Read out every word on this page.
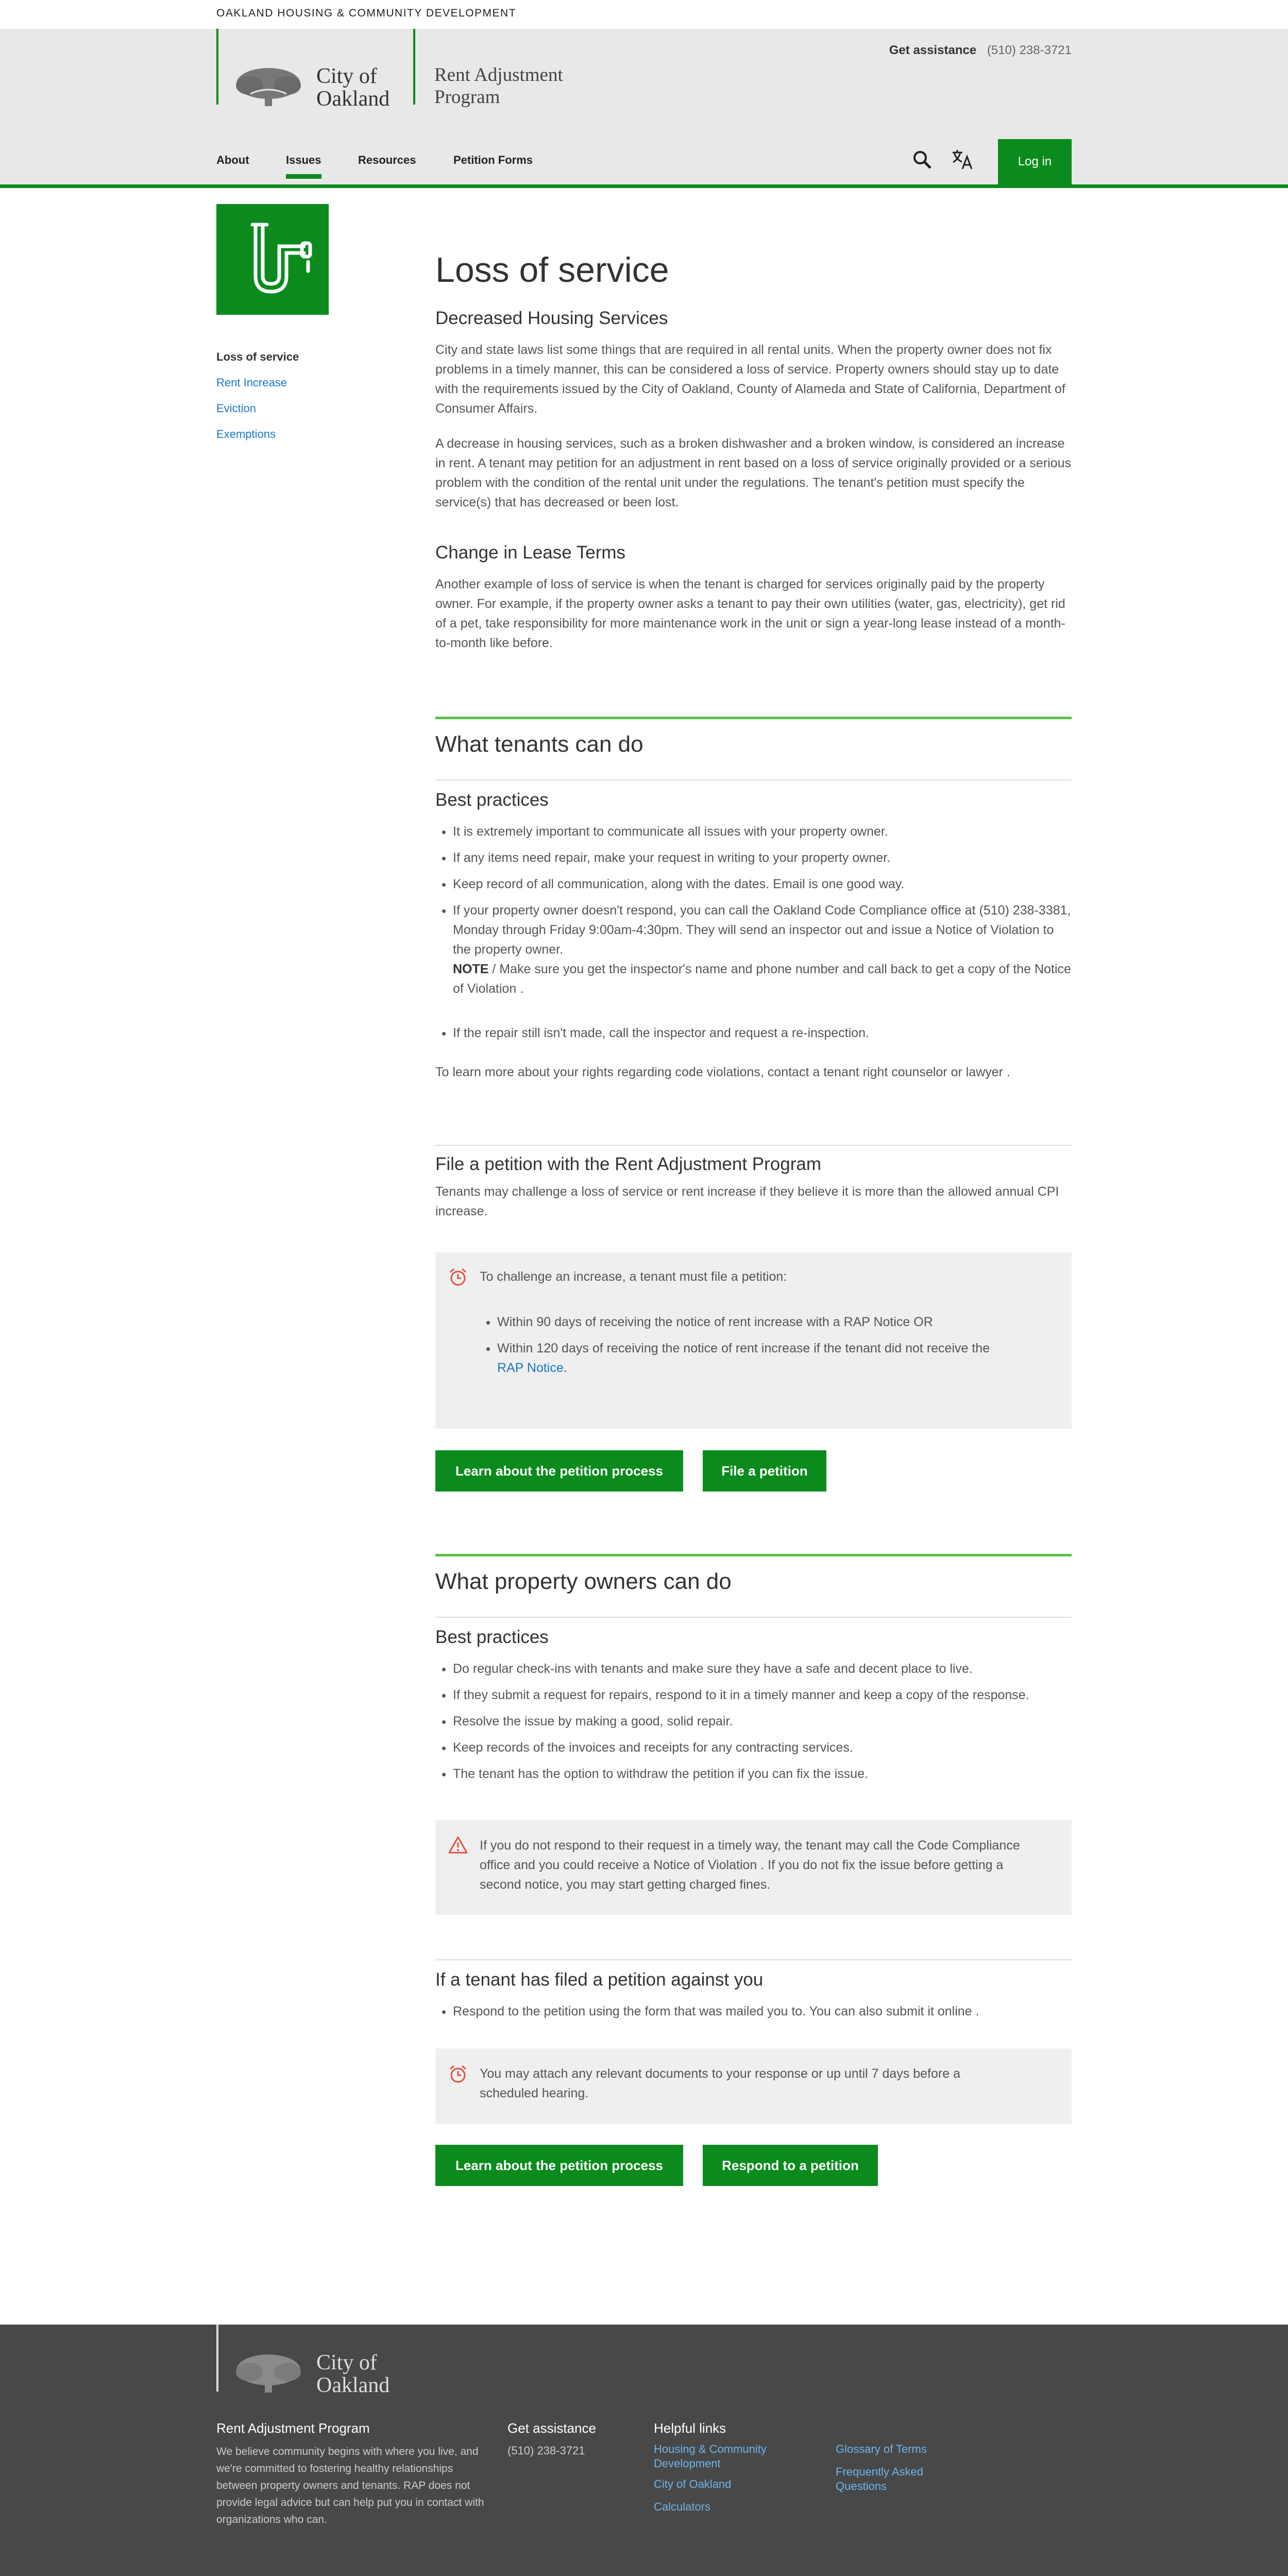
OAKLAND HOUSING & COMMUNITY DEVELOPMENT
City of
Oakland
Rent Adjustment
Program
Get assistance (510) 238-3721
About	Issues	Resources	Petition Forms	Log in
Loss of service
Rent Increase
Eviction
Exemptions
Loss of service
Decreased Housing Services

City and state laws list some things that are required in all rental units. When the property owner does not fix problems in a timely manner, this can be considered a loss of service. Property owners should stay up to date with the requirements issued by the City of Oakland, County of Alameda and State of California, Department of Consumer Affairs.

A decrease in housing services, such as a broken dishwasher and a broken window, is considered an increase in rent. A tenant may petition for an adjustment in rent based on a loss of service originally provided or a serious problem with the condition of the rental unit under the regulations. The tenant's petition must specify the service(s) that has decreased or been lost.

Change in Lease Terms

Another example of loss of service is when the tenant is charged for services originally paid by the property owner. For example, if the property owner asks a tenant to pay their own utilities (water, gas, electricity), get rid of a pet, take responsibility for more maintenance work in the unit or sign a year-long lease instead of a month-to-month like before.

What tenants can do
Best practices
• It is extremely important to communicate all issues with your property owner.
• If any items need repair, make your request in writing to your property owner.
• Keep record of all communication, along with the dates. Email is one good way.
• If your property owner doesn't respond, you can call the Oakland Code Compliance office at (510) 238-3381, Monday through Friday 9:00am-4:30pm. They will send an inspector out and issue a Notice of Violation to the property owner.
NOTE / Make sure you get the inspector's name and phone number and call back to get a copy of the Notice of Violation .
• If the repair still isn't made, call the inspector and request a re-inspection.

To learn more about your rights regarding code violations, contact a tenant right counselor or lawyer .

File a petition with the Rent Adjustment Program

Tenants may challenge a loss of service or rent increase if they believe it is more than the allowed annual CPI increase.

To challenge an increase, a tenant must file a petition:

• Within 90 days of receiving the notice of rent increase with a RAP Notice OR
• Within 120 days of receiving the notice of rent increase if the tenant did not receive the
RAP Notice.
Learn about the petition process	File a petition
What property owners can do
Best practices
• Do regular check-ins with tenants and make sure they have a safe and decent place to live.
• If they submit a request for repairs, respond to it in a timely manner and keep a copy of the response.
• Resolve the issue by making a good, solid repair.
• Keep records of the invoices and receipts for any contracting services.
• The tenant has the option to withdraw the petition if you can fix the issue.

If you do not respond to their request in a timely way, the tenant may call the Code Compliance office and you could receive a Notice of Violation . If you do not fix the issue before getting a second notice, you may start getting charged fines.

If a tenant has filed a petition against you
• Respond to the petition using the form that was mailed you to. You can also submit it online .

You may attach any relevant documents to your response or up until 7 days before a scheduled hearing.

Learn about the petition process	Respond to a petition
City of
Oakland
Rent Adjustment Program
We believe community begins with where you live, and we're committed to fostering healthy relationships between property owners and tenants. RAP does not provide legal advice but can help put you in contact with organizations who can.
Get assistance
(510) 238-3721
Helpful links
Housing & Community Development
City of Oakland
Calculators
Glossary of Terms
Frequently Asked Questions
